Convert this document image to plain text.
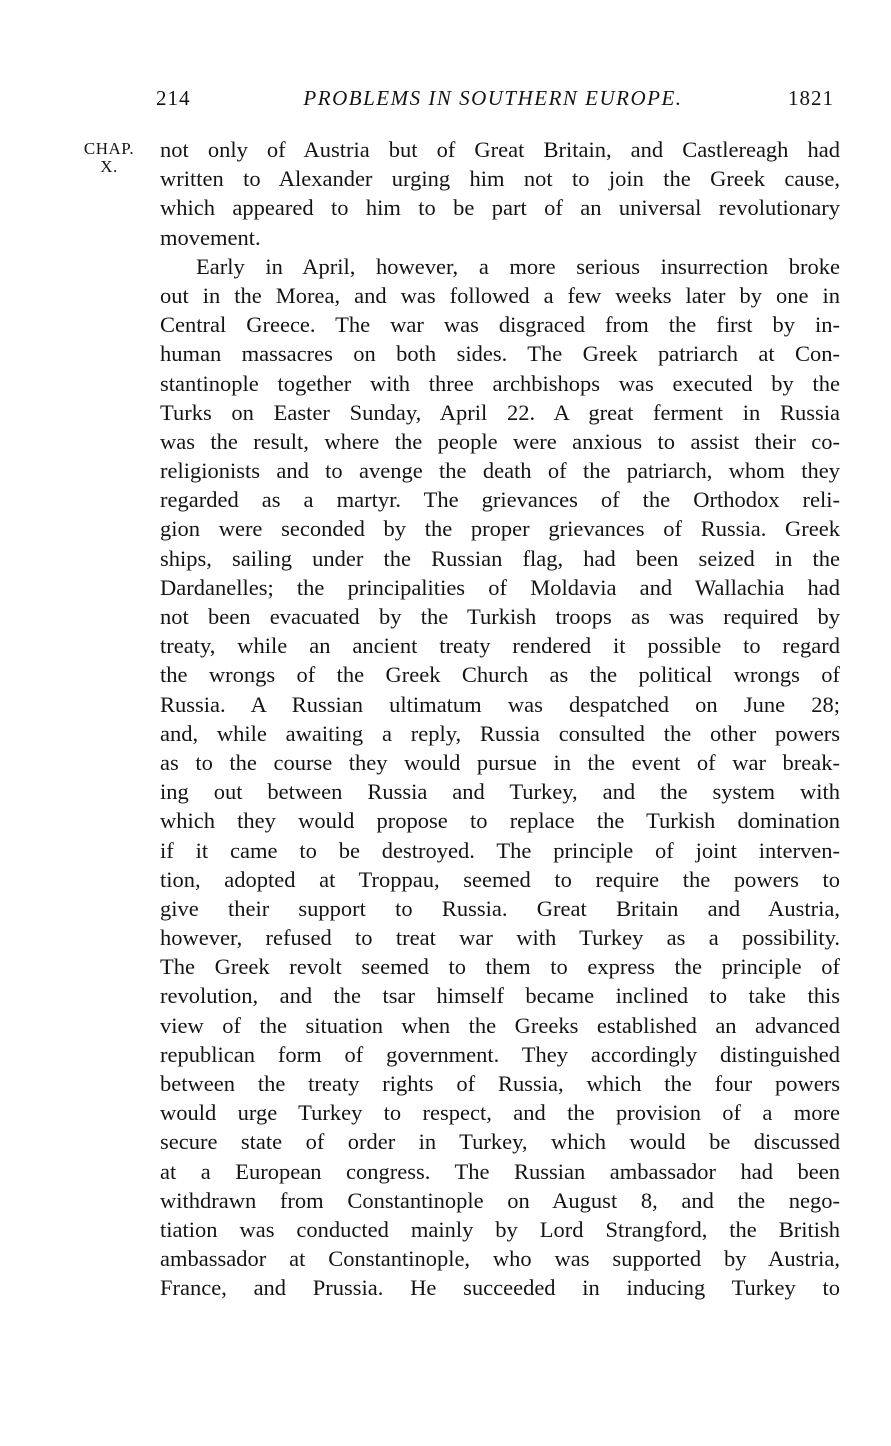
214	PROBLEMS IN SOUTHERN EUROPE.	1821
CHAP.
X.
not only of Austria but of Great Britain, and Castlereagh had
written to Alexander urging him not to join the Greek cause,
which appeared to him to be part of an universal revolutionary
movement.
Early in April, however, a more serious insurrection broke
out in the Morea, and was followed a few weeks later by one in
Central Greece. The war was disgraced from the first by in-
human massacres on both sides. The Greek patriarch at Con-
stantinople together with three archbishops was executed by the
Turks on Easter Sunday, April 22. A great ferment in Russia
was the result, where the people were anxious to assist their co-
religionists and to avenge the death of the patriarch, whom they
regarded as a martyr. The grievances of the Orthodox reli-
gion were seconded by the proper grievances of Russia. Greek
ships, sailing under the Russian flag, had been seized in the
Dardanelles; the principalities of Moldavia and Wallachia had
not been evacuated by the Turkish troops as was required by
treaty, while an ancient treaty rendered it possible to regard
the wrongs of the Greek Church as the political wrongs of
Russia. A Russian ultimatum was despatched on June 28;
and, while awaiting a reply, Russia consulted the other powers
as to the course they would pursue in the event of war break-
ing out between Russia and Turkey, and the system with
which they would propose to replace the Turkish domination
if it came to be destroyed. The principle of joint interven-
tion, adopted at Troppau, seemed to require the powers to
give their support to Russia. Great Britain and Austria,
however, refused to treat war with Turkey as a possibility.
The Greek revolt seemed to them to express the principle of
revolution, and the tsar himself became inclined to take this
view of the situation when the Greeks established an advanced
republican form of government. They accordingly distinguished
between the treaty rights of Russia, which the four powers
would urge Turkey to respect, and the provision of a more
secure state of order in Turkey, which would be discussed
at a European congress. The Russian ambassador had been
withdrawn from Constantinople on August 8, and the nego-
tiation was conducted mainly by Lord Strangford, the British
ambassador at Constantinople, who was supported by Austria,
France, and Prussia. He succeeded in inducing Turkey to
